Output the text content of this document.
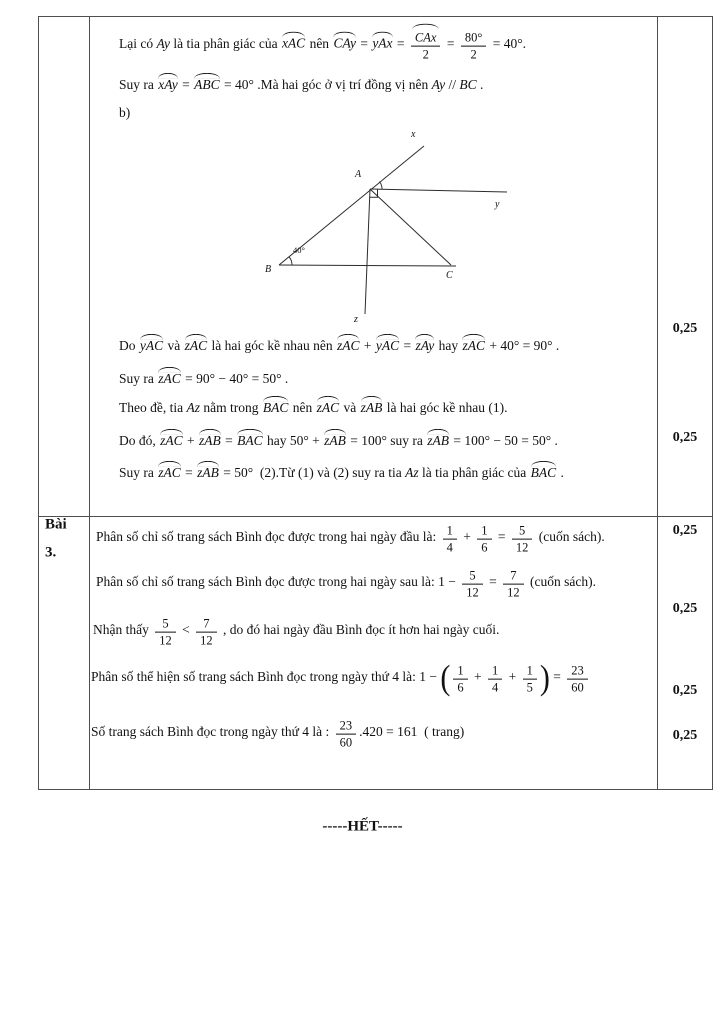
Lại có Ay là tia phân giác của xAC nên CAy = yAx = $\frac{\text{CAx}}{2} = \frac{80^\circ}{2} = 40^\circ$.
Suy ra xAy = ABC = 40° .Mà hai góc ở vị trí đồng vị nên Ay // BC .
b)
A
x
B
C
y
z
40°
Do yAC và zAC là hai góc kề nhau nên zAC + yAC = zAy hay zAC + 40° = 90° .
Suy ra zAC = 90° − 40° = 50° .
Theo đề, tia Az nằm trong BAC nên zAC và zAB là hai góc kề nhau (1).
Do đó, zAC + zAB = BAC hay 50° + zAB = 100° suy ra zAB = 100° − 50 = 50° .
Suy ra zAC = zAB = 50°  (2).Từ (1) và (2) suy ra tia Az là tia phân giác của BAC .
0,25
0,25
Bài
3.
Phân số chỉ số trang sách Bình đọc được trong hai ngày đầu là: $\frac{1}{4} + \frac{1}{6} = \frac{5}{12}$ (cuốn sách).
Phân số chỉ số trang sách Bình đọc được trong hai ngày sau là: $1 - \frac{5}{12} = \frac{7}{12}$ (cuốn sách).
Nhận thấy $\frac{5}{12} < \frac{7}{12}$ , do đó hai ngày đầu Bình đọc ít hơn hai ngày cuối.
Phân số thể hiện số trang sách Bình đọc trong ngày thứ 4 là: 1 − ( $\frac{1}{6} + \frac{1}{4} + \frac{1}{5}$ ) = $\frac{23}{60}$
Số trang sách Bình đọc trong ngày thứ 4 là : $\frac{23}{60} .420 = 161$  ( trang)
0,25
0,25
0,25
0,25
-----HẾT-----
